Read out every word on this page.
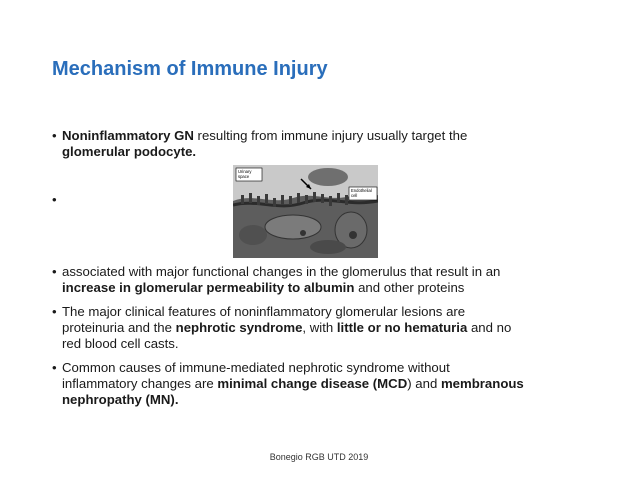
Mechanism of Immune Injury
• Noninflammatory GN resulting from immune injury usually target the
glomerular podocyte.
•
Urinary
space
Endothelial
cell
• associated with major functional changes in the glomerulus that result in an
increase in glomerular permeability to albumin and other proteins
• The major clinical features of noninflammatory glomerular lesions are
proteinuria and the nephrotic syndrome, with little or no hematuria and no
red blood cell casts.
• Common causes of immune-mediated nephrotic syndrome without
inflammatory changes are minimal change disease (MCD) and membranous
nephropathy (MN).
Bonegio RGB UTD 2019
